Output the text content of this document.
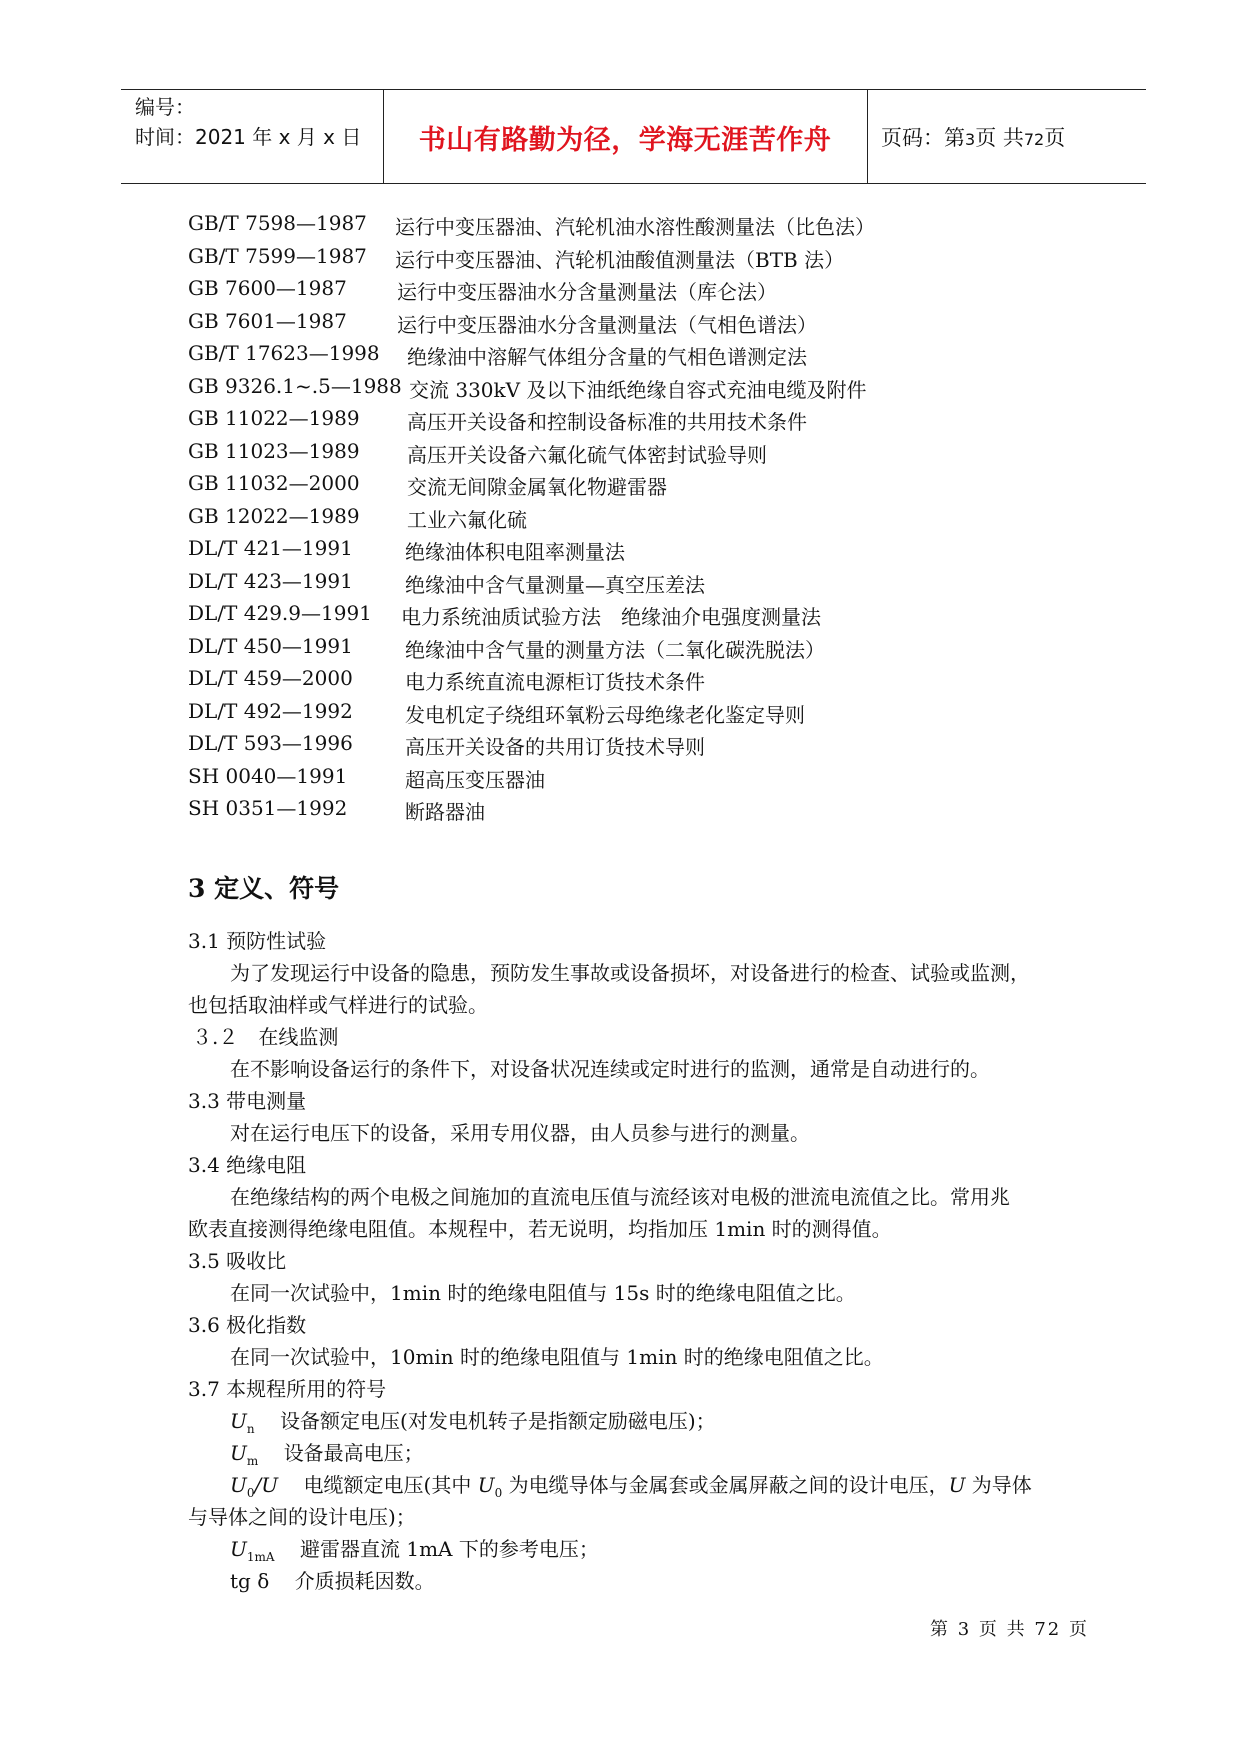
编号：
时间：2021 年 x 月 x 日	书山有路勤为径，学海无涯苦作舟	页码：第3页 共72页
GB/T 7598—1987 运行中变压器油、汽轮机油水溶性酸测量法（比色法）
GB/T 7599—1987 运行中变压器油、汽轮机油酸值测量法（BTB 法）
GB 7600—1987	运行中变压器油水分含量测量法（库仑法）
GB 7601—1987	运行中变压器油水分含量测量法（气相色谱法）
GB/T 17623—1998 绝缘油中溶解气体组分含量的气相色谱测定法
GB 9326.1~.5—1988 交流 330kV 及以下油纸绝缘自容式充油电缆及附件
GB 11022—1989 高压开关设备和控制设备标准的共用技术条件
GB 11023—1989 高压开关设备六氟化硫气体密封试验导则
GB 11032—2000 交流无间隙金属氧化物避雷器
GB 12022—1989 工业六氟化硫
DL/T 421—1991	绝缘油体积电阻率测量法
DL/T 423—1991	绝缘油中含气量测量—真空压差法
DL/T 429.9—1991 电力系统油质试验方法　绝缘油介电强度测量法
DL/T 450—1991	绝缘油中含气量的测量方法（二氧化碳洗脱法）
DL/T 459—2000	电力系统直流电源柜订货技术条件
DL/T 492—1992	发电机定子绕组环氧粉云母绝缘老化鉴定导则
DL/T 593—1996	高压开关设备的共用订货技术导则
SH 0040—1991	超高压变压器油
SH 0351—1992	断路器油
3 定义、符号
3.1 预防性试验
为了发现运行中设备的隐患，预防发生事故或设备损坏，对设备进行的检查、试验或监测，
也包括取油样或气样进行的试验。
３.２　在线监测
在不影响设备运行的条件下，对设备状况连续或定时进行的监测，通常是自动进行的。
3.3 带电测量
对在运行电压下的设备，采用专用仪器，由人员参与进行的测量。
3.4 绝缘电阻
在绝缘结构的两个电极之间施加的直流电压值与流经该对电极的泄流电流值之比。常用兆
欧表直接测得绝缘电阻值。本规程中，若无说明，均指加压 1min 时的测得值。
3.5 吸收比
在同一次试验中，1min 时的绝缘电阻值与 15s 时的绝缘电阻值之比。
3.6 极化指数
在同一次试验中，10min 时的绝缘电阻值与 1min 时的绝缘电阻值之比。
3.7 本规程所用的符号
$U_n$ 设备额定电压(对发电机转子是指额定励磁电压)；
$U_m$ 设备最高电压；
$U_0/U$ 电缆额定电压(其中 $U_0$ 为电缆导体与金属套或金属屏蔽之间的设计电压，U 为导体
与导体之间的设计电压)；
$U_{1mA}$ 避雷器直流 1mA 下的参考电压；
tg δ 介质损耗因数。
第 3 页 共 72 页
